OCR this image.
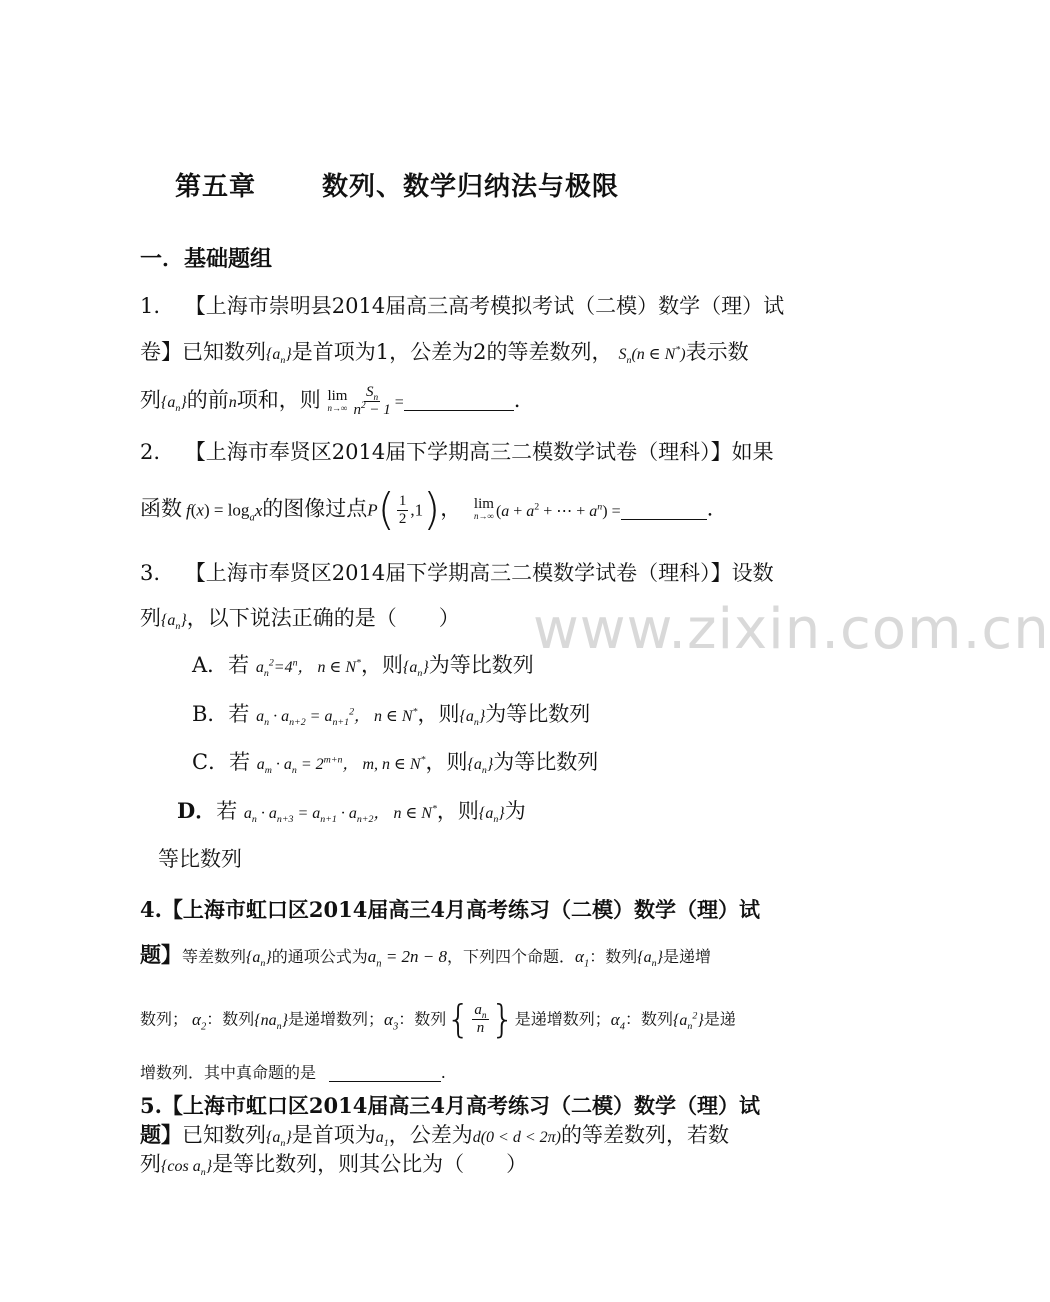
www.zixin.com.cn
第五章	数列、数学归纳法与极限
一．基础题组
1. 【上海市崇明县2014届高三高考模拟考试（二模）数学（理）试
卷】已知数列$\{a_n\}$是首项为1，公差为2的等差数列， $S_n(n$ ∈ N*)表示数
列$\{a_n\}$的前n项和，则 lim
$n\to\infty \frac{S_n}{n^2 - 1}$ =	.
2. 【上海市奉贤区2014届下学期高三二模数学试卷（理科）】如果
函数 $f(x) = \log_ax$的图像过点$P( \frac{1}{2} ,1)$， lim
n→∞ ($a + a^2$ + ⋯ + $a^n$) =	.
3. 【上海市奉贤区2014届下学期高三二模数学试卷（理科）】设数
列$\{a_n\}$，以下说法正确的是（　　）
A．若 $a_n^2=4^n$， n ∈ N*，则$\{a_n\}$为等比数列
B．若 $a_n \cdot a_{n+2} = a_{n+1}^2$， n ∈ N*，则$\{a_n\}$为等比数列
C．若 $a_m \cdot a_n = 2^{m+n}$， m, n ∈ N*，则$\{a_n\}$为等比数列
D．若 $a_n \cdot a_{n+3} = a_{n+1} \cdot a_{n+2}$， n ∈ N*，则$\{a_n\}$为
等比数列
4.【上海市虹口区2014届高三4月高考练习（二模）数学（理）试
题】等差数列$\{a_n\}$的通项公式为$a_n = 2n - 8$，下列四个命题．$\alpha_1$：数列$\{a_n\}$是递增
数列； $\alpha_2$：数列$\{na_n\}$是递增数列；$\alpha_3$：数列{ $\frac{a_n}{n}$ }是递增数列；$\alpha_4$：数列$\{a_n^2\}$是递
增数列．其中真命题的是	.
5.【上海市虹口区2014届高三4月高考练习（二模）数学（理）试
题】已知数列$\{a_n\}$是首项为$a_1$，公差为d(0 < d < 2π)的等差数列，若数
列{cos $a_n$}是等比数列，则其公比为（　　）
